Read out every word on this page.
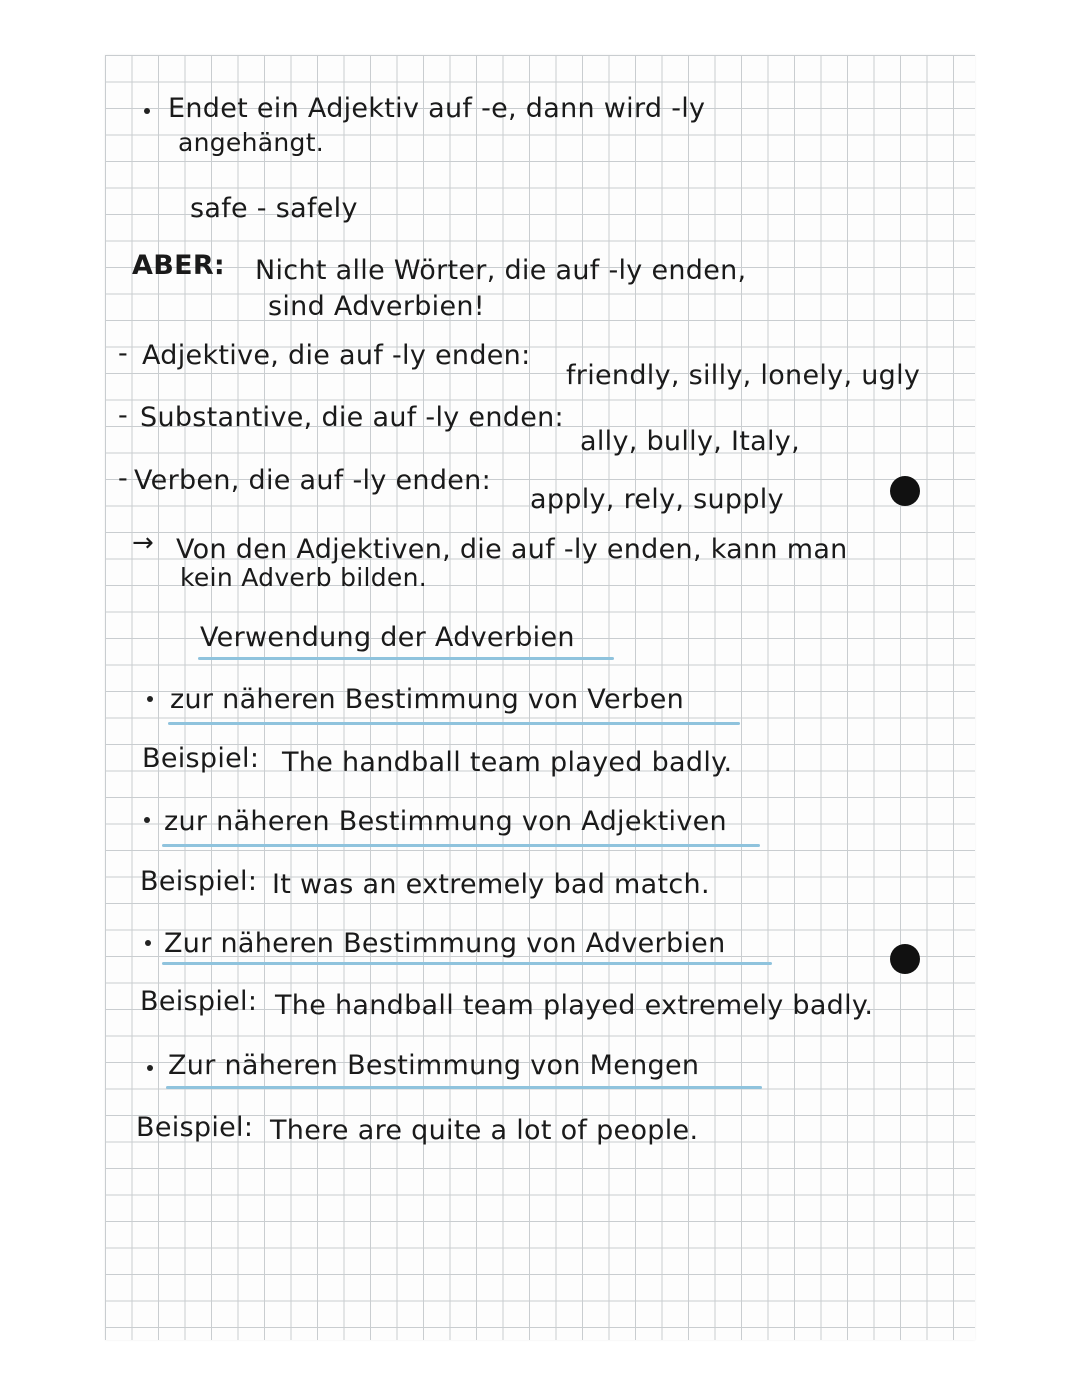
Endet ein Adjektiv auf -e, dann wird -ly
angehängt.
safe - safely
ABER: Nicht alle Wörter, die auf -ly enden,
sind Adverbien!
- Adjektive, die auf -ly enden:
friendly, silly, lonely, ugly
- Substantive, die auf -ly enden:
ally, bully, Italy,
- Verben, die auf -ly enden:
apply, rely, supply
→ Von den Adjektiven, die auf -ly enden, kann man
kein Adverb bilden.
Verwendung der Adverbien
zur näheren Bestimmung von Verben
Beispiel: The handball team played badly.
zur näheren Bestimmung von Adjektiven
Beispiel: It was an extremely bad match.
Zur näheren Bestimmung von Adverbien
Beispiel: The handball team played extremely badly.
Zur näheren Bestimmung von Mengen
Beispiel: There are quite a lot of people.
